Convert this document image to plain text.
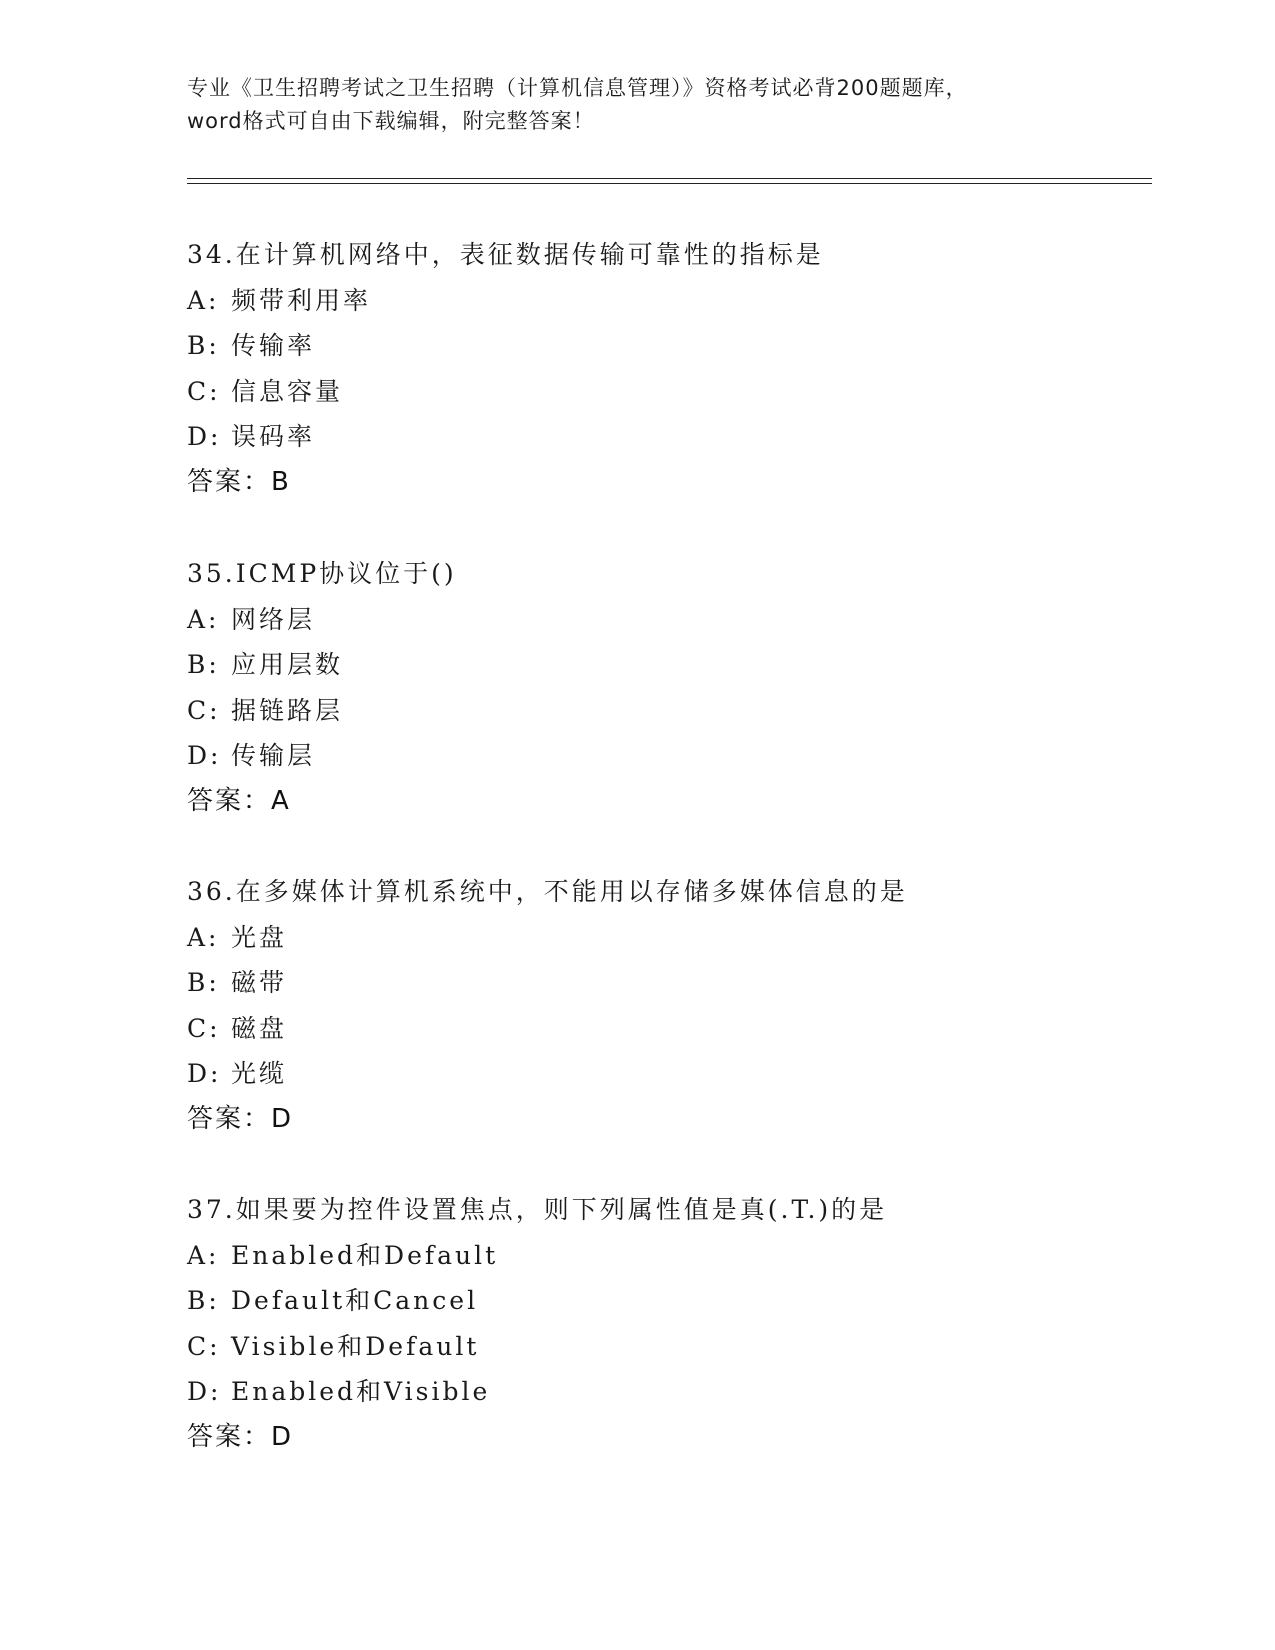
专业《卫生招聘考试之卫生招聘（计算机信息管理）》资格考试必背200题题库，
word格式可自由下载编辑，附完整答案！
34.在计算机网络中，表征数据传输可靠性的指标是
A: 频带利用率
B: 传输率
C: 信息容量
D: 误码率
答案：B
35.ICMP协议位于()
A: 网络层
B: 应用层数
C: 据链路层
D: 传输层
答案：A
36.在多媒体计算机系统中，不能用以存储多媒体信息的是
A: 光盘
B: 磁带
C: 磁盘
D: 光缆
答案：D
37.如果要为控件设置焦点，则下列属性值是真(.T.)的是
A: Enabled和Default
B: Default和Cancel
C: Visible和Default
D: Enabled和Visible
答案：D
